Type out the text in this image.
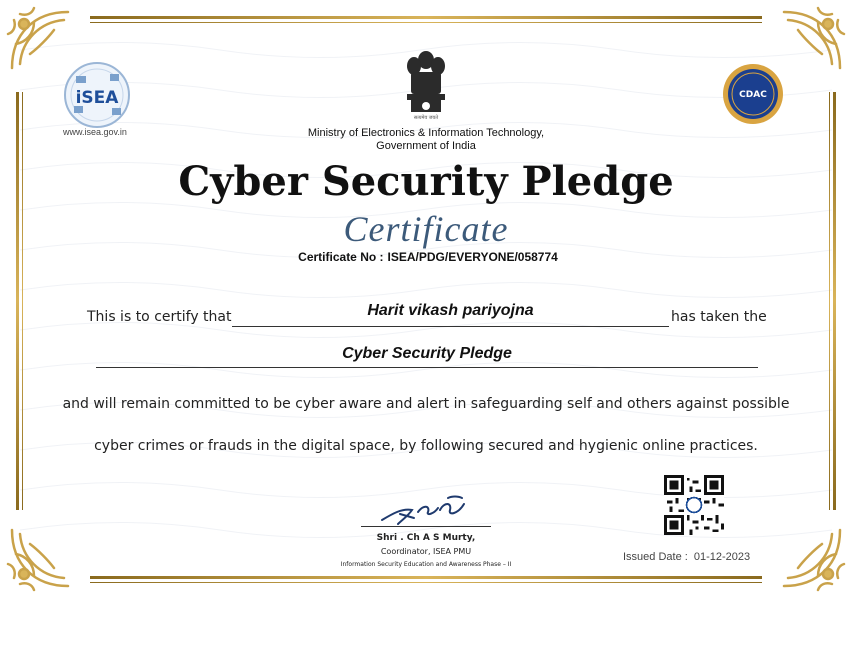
iSEA
www.isea.gov.in
सत्यमेव जयते
Ministry of Electronics & Information Technology,
Government of India
CDAC
Cyber Security Pledge
Certificate
Certificate No : ISEA/PDG/EVERYONE/058774
This is to certify that	Harit vikash pariyojna	has taken the
Cyber Security Pledge
and will remain committed to be cyber aware and alert in safeguarding self and others against possible
cyber crimes or frauds in the digital space, by following secured and hygienic online practices.
Shri . Ch A S Murty,
Coordinator, ISEA PMU
Information Security Education and Awareness Phase – II
Issued Date : 01-12-2023
